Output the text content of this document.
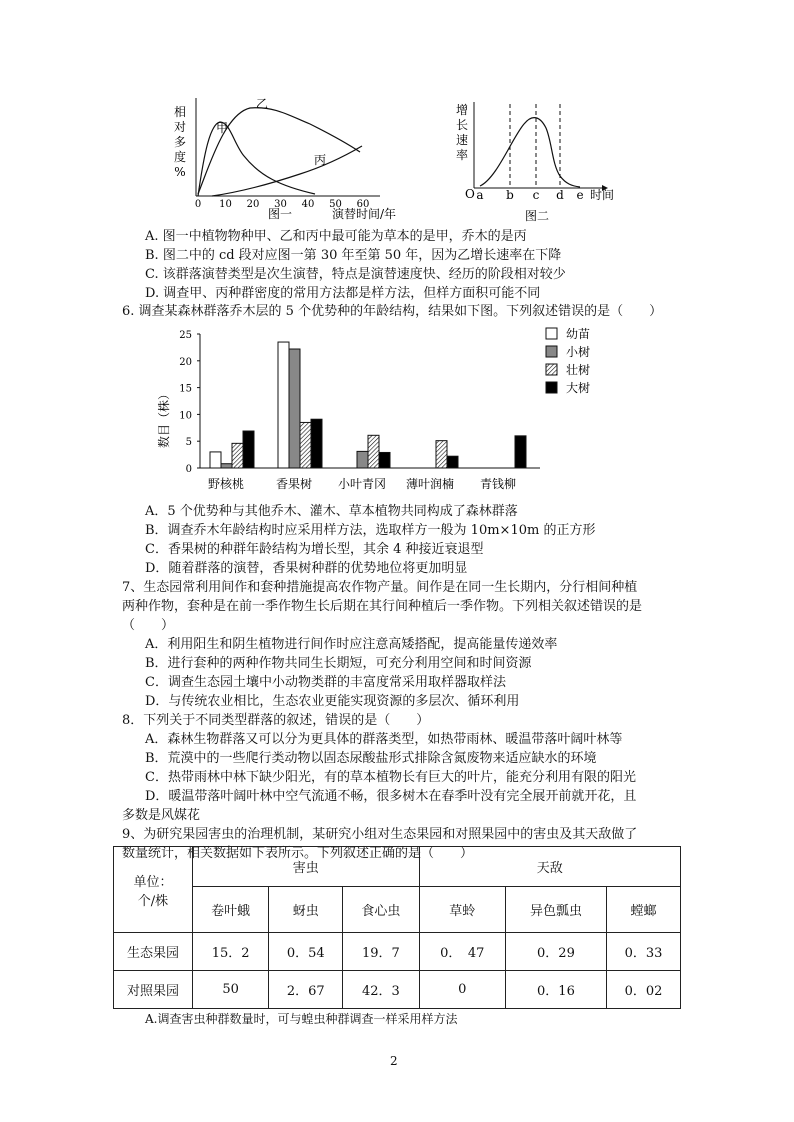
相
对
多
度
%
甲
乙
丙
0 10 20 30 40 50 60
图一	演替时间/年
增
长
速
率
O a b c d e 时间
图二
A. 图一中植物物种甲、乙和丙中最可能为草本的是甲，乔木的是丙
B. 图二中的 cd 段对应图一第 30 年至第 50 年，因为乙增长速率在下降
C. 该群落演替类型是次生演替，特点是演替速度快、经历的阶段相对较少
D. 调查甲、丙种群密度的常用方法都是样方法，但样方面积可能不同
6. 调查某森林群落乔木层的 5 个优势种的年龄结构，结果如下图。下列叙述错误的是（　　）
数目（株）
0
5
10
15
20
25
野核桃	香果树 小叶青冈 薄叶润楠 青钱柳
幼苗
小树
壮树
大树
A．5 个优势种与其他乔木、灌木、草本植物共同构成了森林群落
B．调查乔木年龄结构时应采用样方法，选取样方一般为 10m×10m 的正方形
C．香果树的种群年龄结构为增长型，其余 4 种接近衰退型
D．随着群落的演替，香果树种群的优势地位将更加明显
7、生态园常利用间作和套种措施提高农作物产量。间作是在同一生长期内，分行相间种植
两种作物，套种是在前一季作物生长后期在其行间种植后一季作物。下列相关叙述错误的是
（　　）
A．利用阳生和阴生植物进行间作时应注意高矮搭配，提高能量传递效率
B．进行套种的两种作物共同生长期短，可充分利用空间和时间资源
C．调查生态园土壤中小动物类群的丰富度常采用取样器取样法
D．与传统农业相比，生态农业更能实现资源的多层次、循环利用
8．下列关于不同类型群落的叙述，错误的是（　　）
A．森林生物群落又可以分为更具体的群落类型，如热带雨林、暖温带落叶阔叶林等
B．荒漠中的一些爬行类动物以固态尿酸盐形式排除含氮废物来适应缺水的环境
C．热带雨林中林下缺少阳光，有的草本植物长有巨大的叶片，能充分利用有限的阳光
D．暖温带落叶阔叶林中空气流通不畅，很多树木在春季叶没有完全展开前就开花，且
多数是风媒花
9、为研究果园害虫的治理机制，某研究小组对生态果园和对照果园中的害虫及其天敌做了
数量统计，相关数据如下表所示。下列叙述正确的是（　　）
单位：
个/株	害虫			天敌		
	卷叶蛾	蚜虫	食心虫	草蛉	异色瓢虫	螳螂
生态果园	15．2	0．54	19．7	0．　47	0．29	0．33
对照果园	50	2．67	42．3	0	0．16	0．02
A.调查害虫种群数量时，可与蝗虫种群调查一样采用样方法
2
